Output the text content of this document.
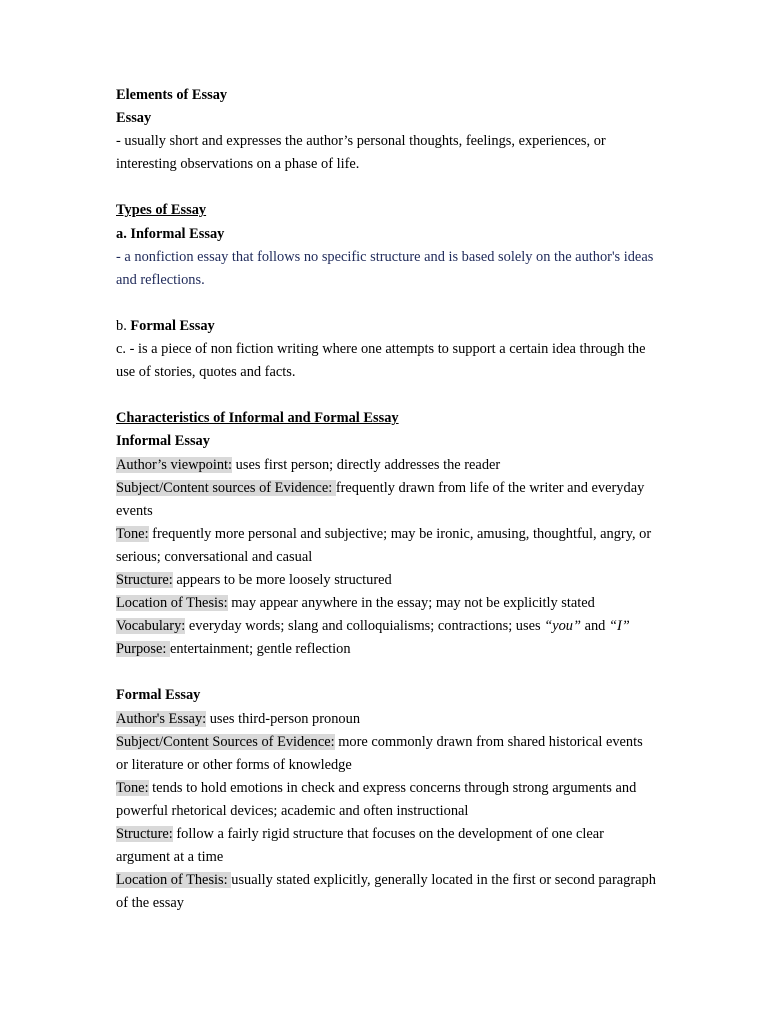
Elements of Essay

Essay

- usually short and expresses the author’s personal thoughts, feelings, experiences, or interesting observations on a phase of life.

Types of Essay

a. Informal Essay

- a nonfiction essay that follows no specific structure and is based solely on the author's ideas and reflections.

b. Formal Essay

c. - is a piece of non fiction writing where one attempts to support a certain idea through the use of stories, quotes and facts.

Characteristics of Informal and Formal Essay

Informal Essay

Author’s viewpoint: uses first person; directly addresses the reader

Subject/Content sources of Evidence: frequently drawn from life of the writer and everyday events

Tone: frequently more personal and subjective; may be ironic, amusing, thoughtful, angry, or serious; conversational and casual

Structure: appears to be more loosely structured

Location of Thesis: may appear anywhere in the essay; may not be explicitly stated

Vocabulary: everyday words; slang and colloquialisms; contractions; uses “you” and “I”

Purpose: entertainment; gentle reflection

Formal Essay

Author's Essay: uses third-person pronoun

Subject/Content Sources of Evidence: more commonly drawn from shared historical events or literature or other forms of knowledge

Tone: tends to hold emotions in check and express concerns through strong arguments and powerful rhetorical devices; academic and often instructional

Structure: follow a fairly rigid structure that focuses on the development of one clear argument at a time

Location of Thesis: usually stated explicitly, generally located in the first or second paragraph of the essay
